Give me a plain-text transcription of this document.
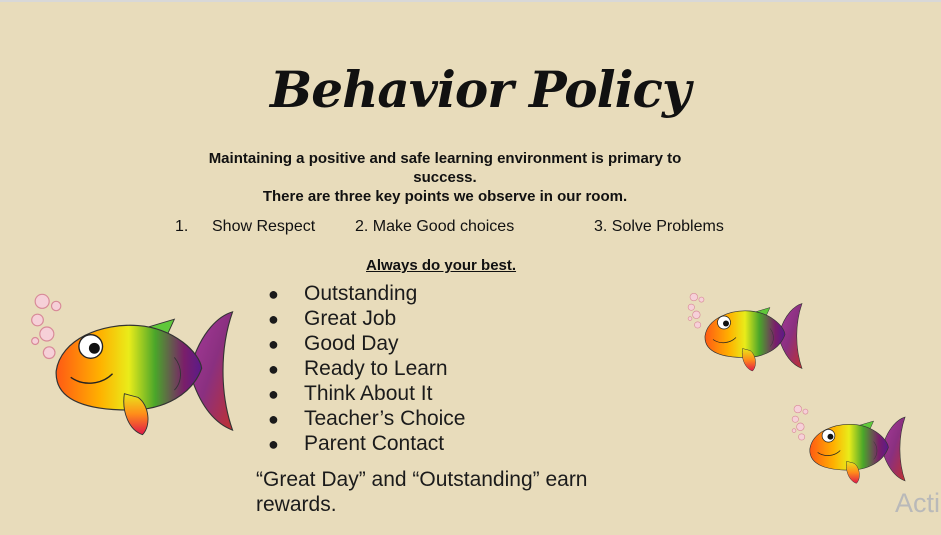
Behavior Policy
Maintaining a positive and safe learning environment is primary to success.
There are three key points we observe in our room.
1. Show Respect 2. Make Good choices	3. Solve Problems
Always do your best.
● Outstanding
● Great Job
● Good Day
● Ready to Learn
● Think About It
● Teacher’s Choice
● Parent Contact
“Great Day” and “Outstanding” earn rewards.	Acti
